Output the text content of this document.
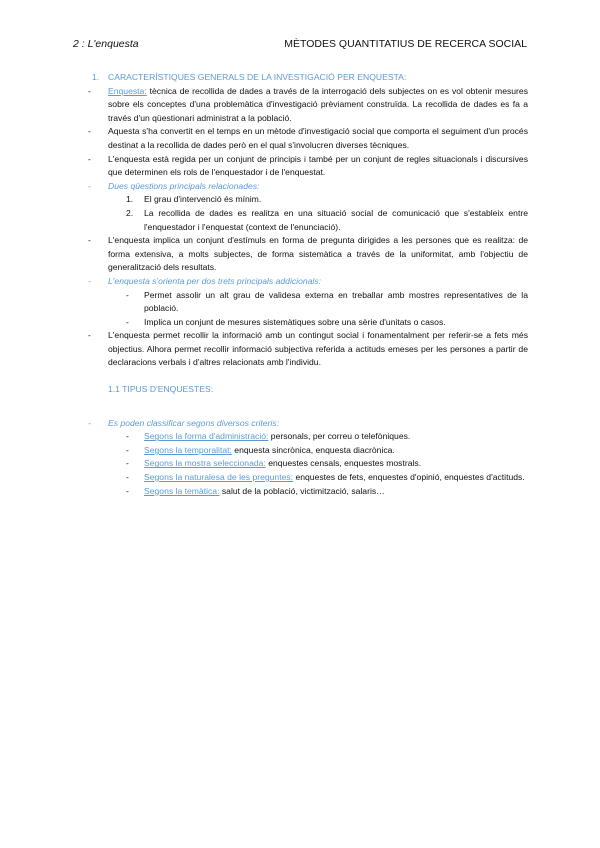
2 : L'enquesta	MÈTODES QUANTITATIUS DE RECERCA SOCIAL
1. CARACTERÍSTIQUES GENERALS DE LA INVESTIGACIÓ PER ENQUESTA:
- Enquesta: tècnica de recollida de dades a través de la interrogació dels subjectes on es vol obtenir mesures sobre els conceptes d'una problemàtica d'investigació prèviament construïda. La recollida de dades es fa a través d'un qüestionari administrat a la població.
- Aquesta s'ha convertit en el temps en un mètode d'investigació social que comporta el seguiment d'un procés destinat a la recollida de dades però en el qual s'involucren diverses tècniques.
- L'enquesta està regida per un conjunt de principis i també per un conjunt de regles situacionals i discursives que determinen els rols de l'enquestador i de l'enquestat.
- Dues qüestions principals relacionades:
1. El grau d'intervenció és mínim.
2. La recollida de dades es realitza en una situació social de comunicació que s'estableix entre l'enquestador i l'enquestat (context de l'enunciació).
- L'enquesta implica un conjunt d'estímuls en forma de pregunta dirigides a les persones que es realitza: de forma extensiva, a molts subjectes, de forma sistemàtica a través de la uniformitat, amb l'objectiu de generalització dels resultats.
- L'enquesta s'orienta per dos trets principals addicionals:
- Permet assolir un alt grau de validesa externa en treballar amb mostres representatives de la població.
- Implica un conjunt de mesures sistemàtiques sobre una sèrie d'unitats o casos.
- L'enquesta permet recollir la informació amb un contingut social i fonamentalment per referir-se a fets més objectius. Alhora permet recollir informació subjectiva referida a actituds emeses per les persones a partir de declaracions verbals i d'altres relacionats amb l'individu.
1.1 TIPUS D'ENQUESTES:
- Es poden classificar segons diversos criteris:
- Segons la forma d'administració: personals, per correu o telefòniques.
- Segons la temporalitat: enquesta sincrònica, enquesta diacrònica.
- Segons la mostra seleccionada: enquestes censals, enquestes mostrals.
- Segons la naturalesa de les preguntes: enquestes de fets, enquestes d'opinió, enquestes d'actituds.
- Segons la temàtica: salut de la població, victimització, salaris…
